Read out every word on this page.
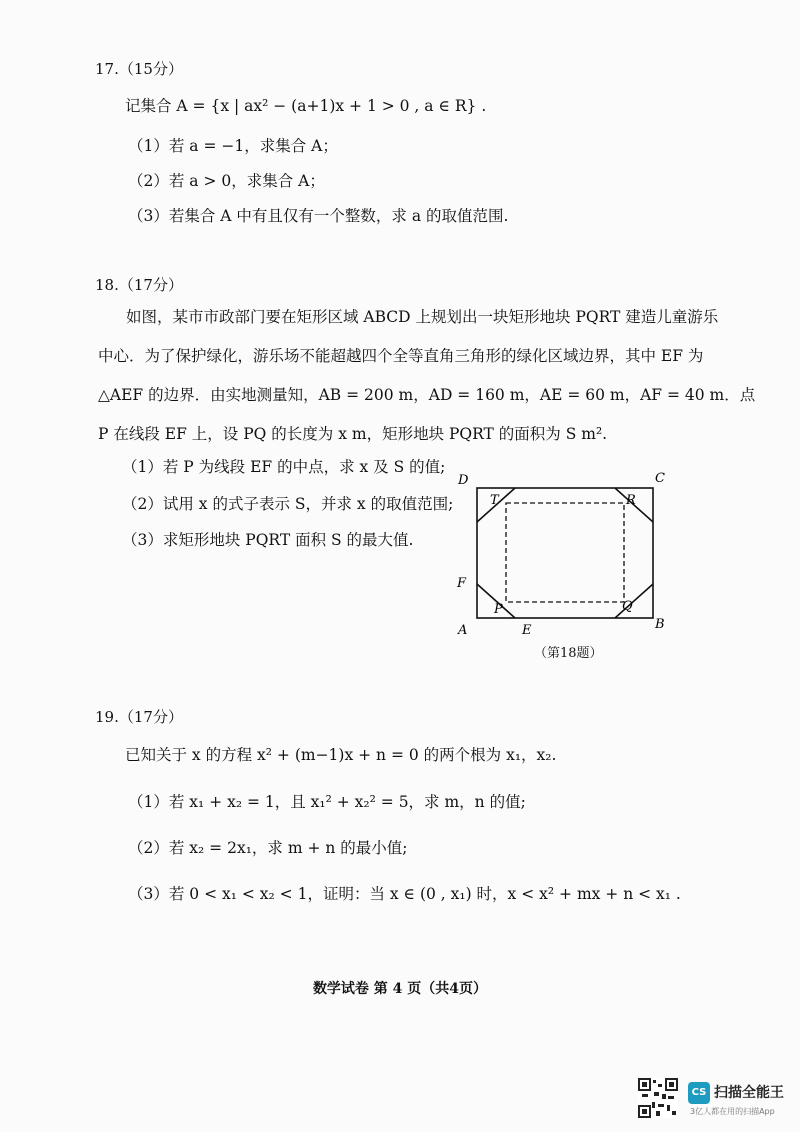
17.（15分）
记集合 A = {x | ax² − (a+1)x + 1 > 0 , a ∈ R} .
（1）若 a = −1，求集合 A；
（2）若 a > 0，求集合 A；
（3）若集合 A 中有且仅有一个整数，求 a 的取值范围.
18.（17分）
如图，某市市政部门要在矩形区域 ABCD 上规划出一块矩形地块 PQRT 建造儿童游乐
中心．为了保护绿化，游乐场不能超越四个全等直角三角形的绿化区域边界，其中 EF 为
△AEF 的边界．由实地测量知，AB = 200 m，AD = 160 m，AE = 60 m，AF = 40 m．点
P 在线段 EF 上，设 PQ 的长度为 x m，矩形地块 PQRT 的面积为 S m².
（1）若 P 为线段 EF 的中点，求 x 及 S 的值;
（2）试用 x 的式子表示 S，并求 x 的取值范围;
（3）求矩形地块 PQRT 面积 S 的最大值.
D	C
A	B
E
F
P	Q
R
T
（第18题）
19.（17分）
已知关于 x 的方程 x² + (m−1)x + n = 0 的两个根为 x₁，x₂.
（1）若 x₁ + x₂ = 1，且 x₁² + x₂² = 5，求 m，n 的值;
（2）若 x₂ = 2x₁，求 m + n 的最小值;
（3）若 0 < x₁ < x₂ < 1，证明：当 x ∈ (0 , x₁) 时，x < x² + mx + n < x₁ .
数学试卷 第 4 页（共4页）
CS 扫描全能王
3亿人都在用的扫描App
